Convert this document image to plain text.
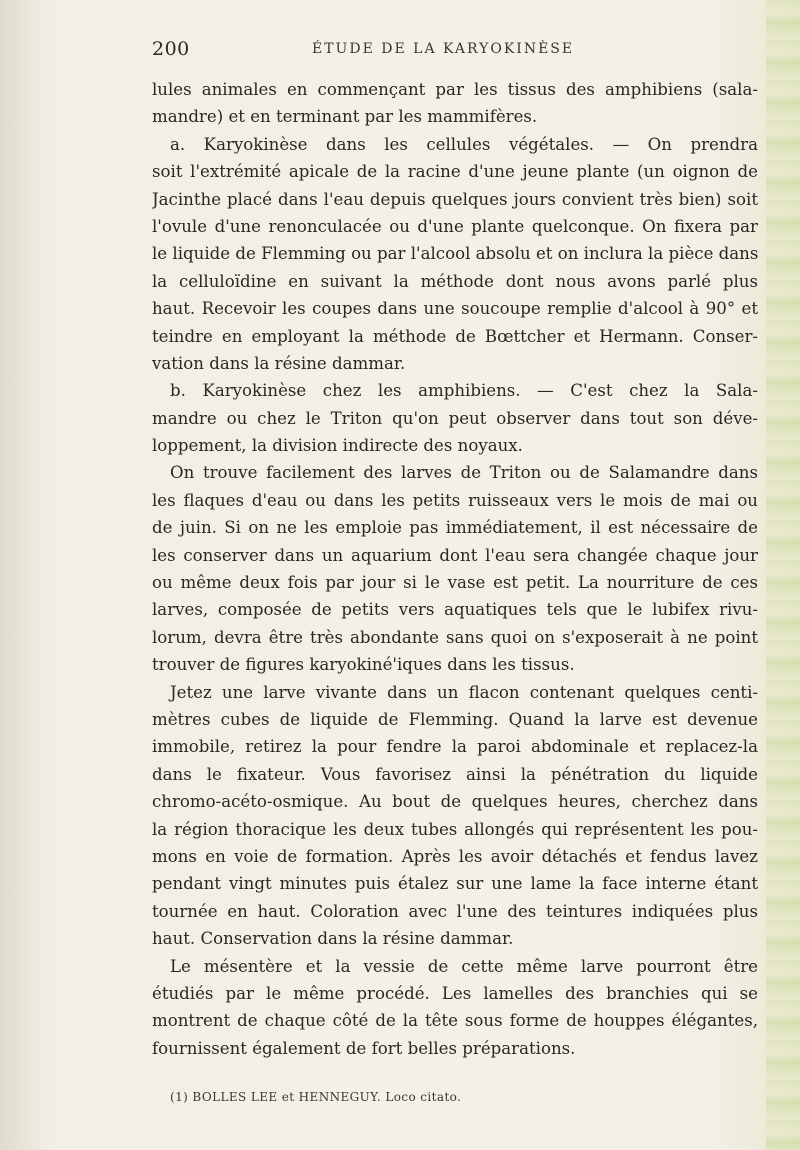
200	ÉTUDE DE LA KARYOKINÈSE
lules animales en commençant par les tissus des amphibiens (sala-
mandre) et en terminant par les mammifères.
a. Karyokinèse dans les cellules végétales. — On prendra
soit l'extrémité apicale de la racine d'une jeune plante (un oignon de
Jacinthe placé dans l'eau depuis quelques jours convient très bien) soit
l'ovule d'une renonculacée ou d'une plante quelconque. On fixera par
le liquide de Flemming ou par l'alcool absolu et on inclura la pièce dans
la celluloïdine en suivant la méthode dont nous avons parlé plus
haut. Recevoir les coupes dans une soucoupe remplie d'alcool à 90° et
teindre en employant la méthode de Bœttcher et Hermann. Conser-
vation dans la résine dammar.
b. Karyokinèse chez les amphibiens. — C'est chez la Sala-
mandre ou chez le Triton qu'on peut observer dans tout son déve-
loppement, la division indirecte des noyaux.
On trouve facilement des larves de Triton ou de Salamandre dans
les flaques d'eau ou dans les petits ruisseaux vers le mois de mai ou
de juin. Si on ne les emploie pas immédiatement, il est nécessaire de
les conserver dans un aquarium dont l'eau sera changée chaque jour
ou même deux fois par jour si le vase est petit. La nourriture de ces
larves, composée de petits vers aquatiques tels que le lubifex rivu-
lorum, devra être très abondante sans quoi on s'exposerait à ne point
trouver de figures karyokiné'iques dans les tissus.
Jetez une larve vivante dans un flacon contenant quelques centi-
mètres cubes de liquide de Flemming. Quand la larve est devenue
immobile, retirez la pour fendre la paroi abdominale et replacez-la
dans le fixateur. Vous favorisez ainsi la pénétration du liquide
chromo-acéto-osmique. Au bout de quelques heures, cherchez dans
la région thoracique les deux tubes allongés qui représentent les pou-
mons en voie de formation. Après les avoir détachés et fendus lavez
pendant vingt minutes puis étalez sur une lame la face interne étant
tournée en haut. Coloration avec l'une des teintures indiquées plus
haut. Conservation dans la résine dammar.
Le mésentère et la vessie de cette même larve pourront être
étudiés par le même procédé. Les lamelles des branchies qui se
montrent de chaque côté de la tête sous forme de houppes élégantes,
fournissent également de fort belles préparations.
(1) BOLLES LEE et HENNEGUY. Loco citato.
